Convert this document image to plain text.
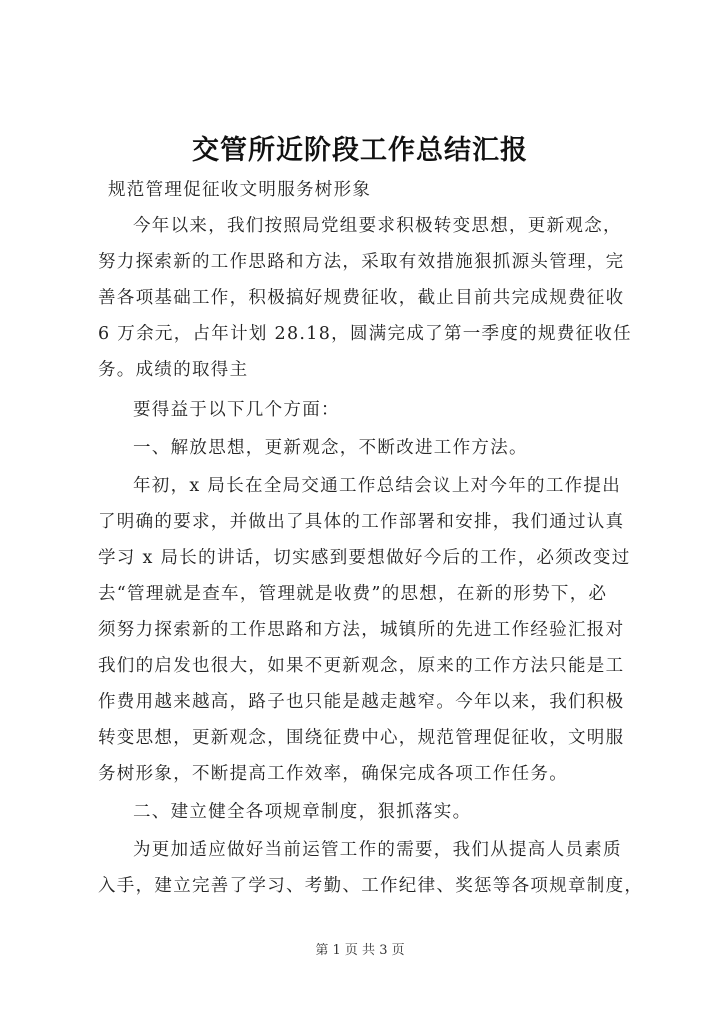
交管所近阶段工作总结汇报
规范管理促征收文明服务树形象
今年以来，我们按照局党组要求积极转变思想，更新观念，
努力探索新的工作思路和方法，采取有效措施狠抓源头管理，完
善各项基础工作，积极搞好规费征收，截止目前共完成规费征收
6 万余元，占年计划 28.18，圆满完成了第一季度的规费征收任
务。成绩的取得主
要得益于以下几个方面：
一、解放思想，更新观念，不断改进工作方法。
年初，x 局长在全局交通工作总结会议上对今年的工作提出
了明确的要求，并做出了具体的工作部署和安排，我们通过认真
学习 x 局长的讲话，切实感到要想做好今后的工作，必须改变过
去“管理就是查车，管理就是收费”的思想，在新的形势下，必
须努力探索新的工作思路和方法，城镇所的先进工作经验汇报对
我们的启发也很大，如果不更新观念，原来的工作方法只能是工
作费用越来越高，路子也只能是越走越窄。今年以来，我们积极
转变思想，更新观念，围绕征费中心，规范管理促征收，文明服
务树形象，不断提高工作效率，确保完成各项工作任务。
二、建立健全各项规章制度，狠抓落实。
为更加适应做好当前运管工作的需要，我们从提高人员素质
入手，建立完善了学习、考勤、工作纪律、奖惩等各项规章制度，
第 1 页 共 3 页
